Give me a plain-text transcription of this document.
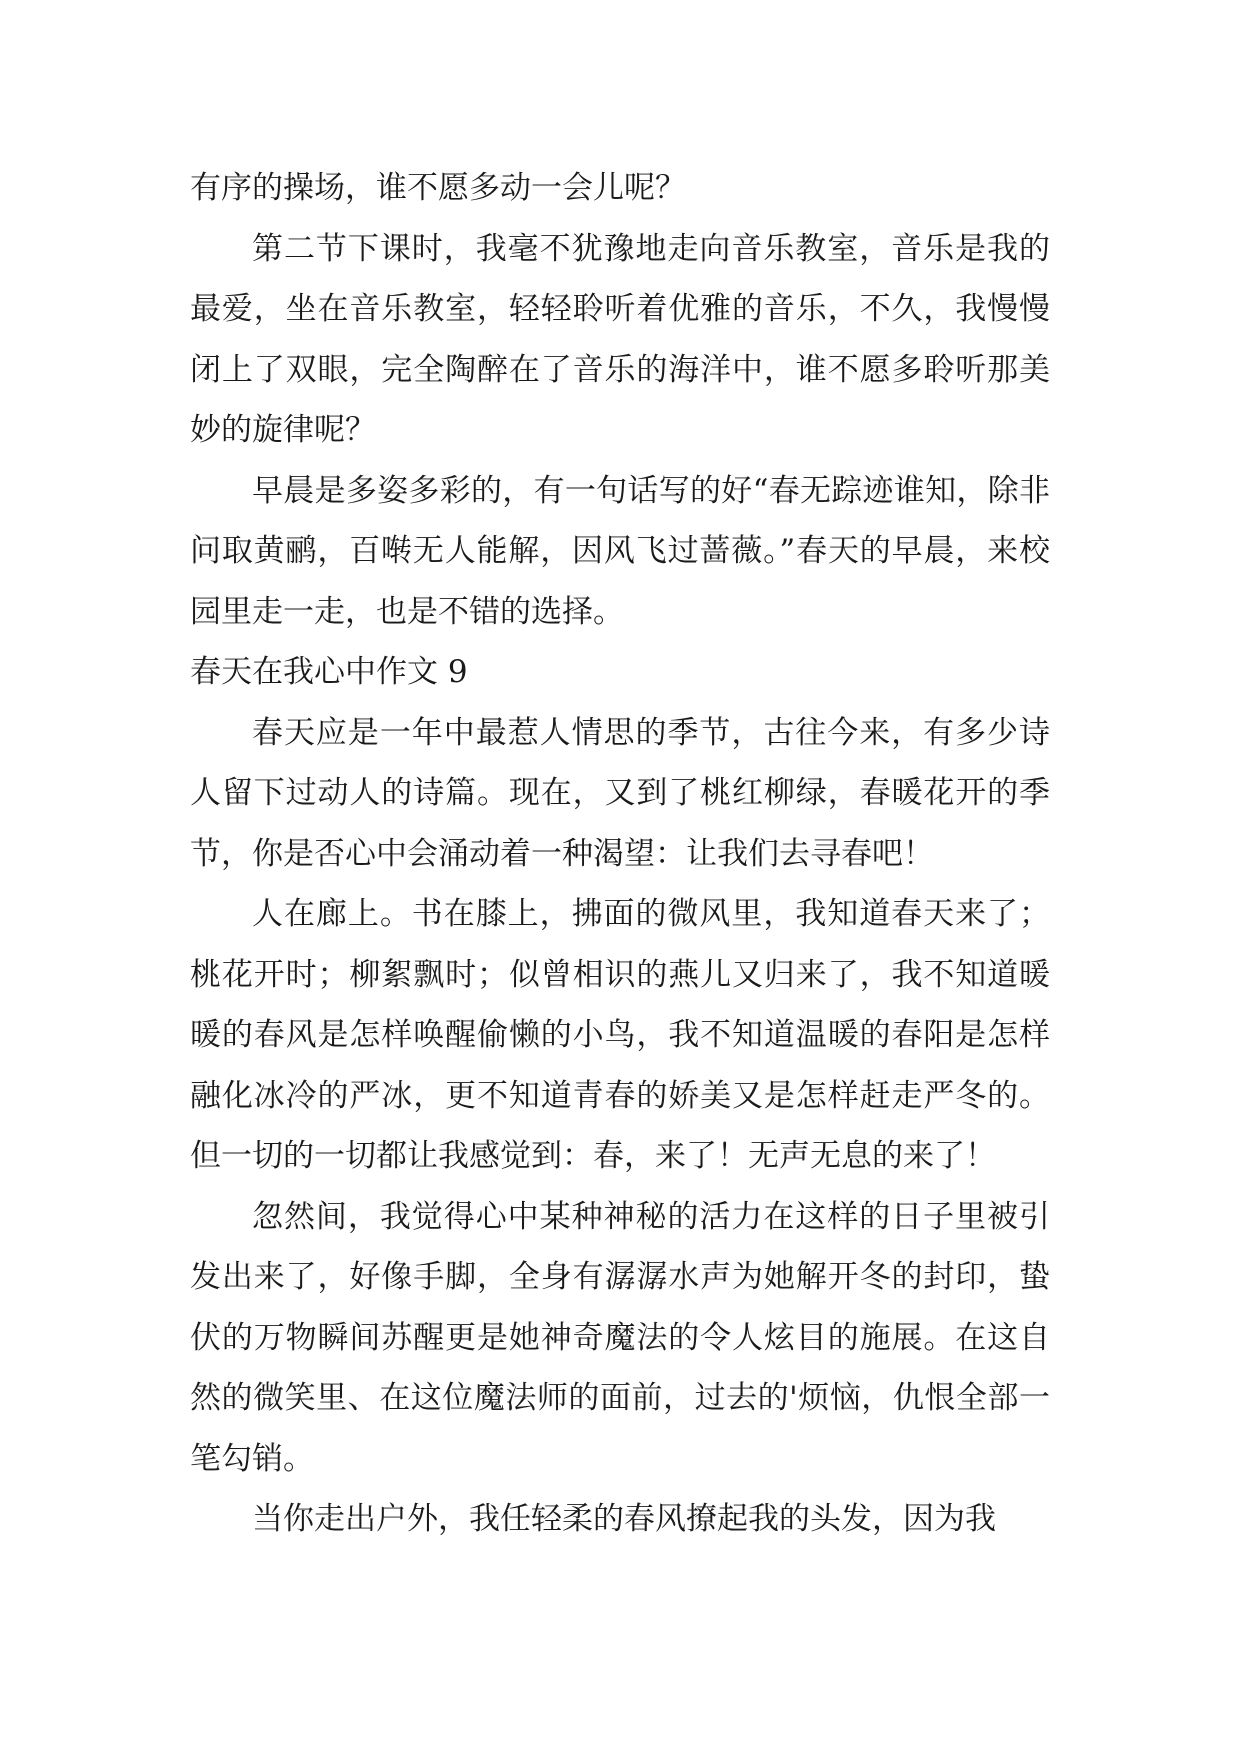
有序的操场，谁不愿多动一会儿呢？

第二节下课时，我毫不犹豫地走向音乐教室，音乐是我的最爱，坐在音乐教室，轻轻聆听着优雅的音乐，不久，我慢慢闭上了双眼，完全陶醉在了音乐的海洋中，谁不愿多聆听那美妙的旋律呢？

早晨是多姿多彩的，有一句话写的好“春无踪迹谁知，除非问取黄鹂，百啭无人能解，因风飞过蔷薇。”春天的早晨，来校园里走一走，也是不错的选择。

春天在我心中作文 9

春天应是一年中最惹人情思的季节，古往今来，有多少诗人留下过动人的诗篇。现在，又到了桃红柳绿，春暖花开的季节，你是否心中会涌动着一种渴望：让我们去寻春吧！

人在廊上。书在膝上，拂面的微风里，我知道春天来了；桃花开时；柳絮飘时；似曾相识的燕儿又归来了，我不知道暖暖的春风是怎样唤醒偷懒的小鸟，我不知道温暖的春阳是怎样融化冰冷的严冰，更不知道青春的娇美又是怎样赶走严冬的。但一切的一切都让我感觉到：春，来了！无声无息的来了！

忽然间，我觉得心中某种神秘的活力在这样的日子里被引发出来了，好像手脚，全身有潺潺水声为她解开冬的封印，蛰伏的万物瞬间苏醒更是她神奇魔法的令人炫目的施展。在这自然的微笑里、在这位魔法师的面前，过去的'烦恼，仇恨全部一笔勾销。

当你走出户外，我任轻柔的春风撩起我的头发，因为我
